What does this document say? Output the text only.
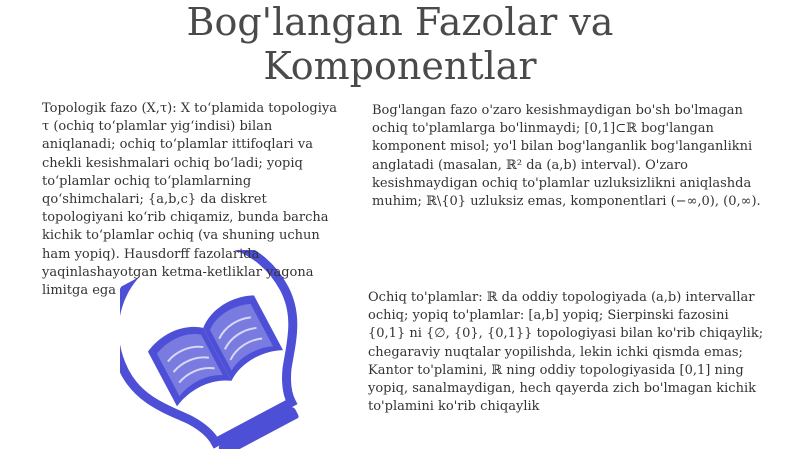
Bog'langan Fazolar va
Komponentlar

Topologik fazo (X,τ): X to‘plamida topologiya τ (ochiq to‘plamlar yig‘indisi) bilan aniqlanadi; ochiq to‘plamlar ittifoqlari va chekli kesishmalari ochiq bo‘ladi; yopiq to‘plamlar ochiq to‘plamlarning qo‘shimchalari; {a,b,c} da diskret topologiyani ko‘rib chiqamiz, bunda barcha kichik to‘plamlar ochiq (va shuning uchun ham yopiq). Hausdorff fazolarida yaqinlashayotgan ketma-ketliklar yagona limitga ega

Bog'langan fazo o'zaro kesishmaydigan bo'sh bo'lmagan ochiq to'plamlarga bo'linmaydi; [0,1]⊂ℝ bog'langan komponent misol; yo'l bilan bog'langanlik bog'langanlikni anglatadi (masalan, ℝ² da (a,b) interval). O'zaro kesishmaydigan ochiq to'plamlar uzluksizlikni aniqlashda muhim; ℝ\{0} uzluksiz emas, komponentlari (−∞,0), (0,∞).

Ochiq to'plamlar: ℝ da oddiy topologiyada (a,b) intervallar ochiq; yopiq to'plamlar: [a,b] yopiq; Sierpinski fazosini {0,1} ni {∅, {0}, {0,1}} topologiyasi bilan ko'rib chiqaylik; chegaraviy nuqtalar yopilishda, lekin ichki qismda emas; Kantor to'plamini, ℝ ning oddiy topologiyasida [0,1] ning yopiq, sanalmaydigan, hech qayerda zich bo'lmagan kichik to'plamini ko'rib chiqaylik
